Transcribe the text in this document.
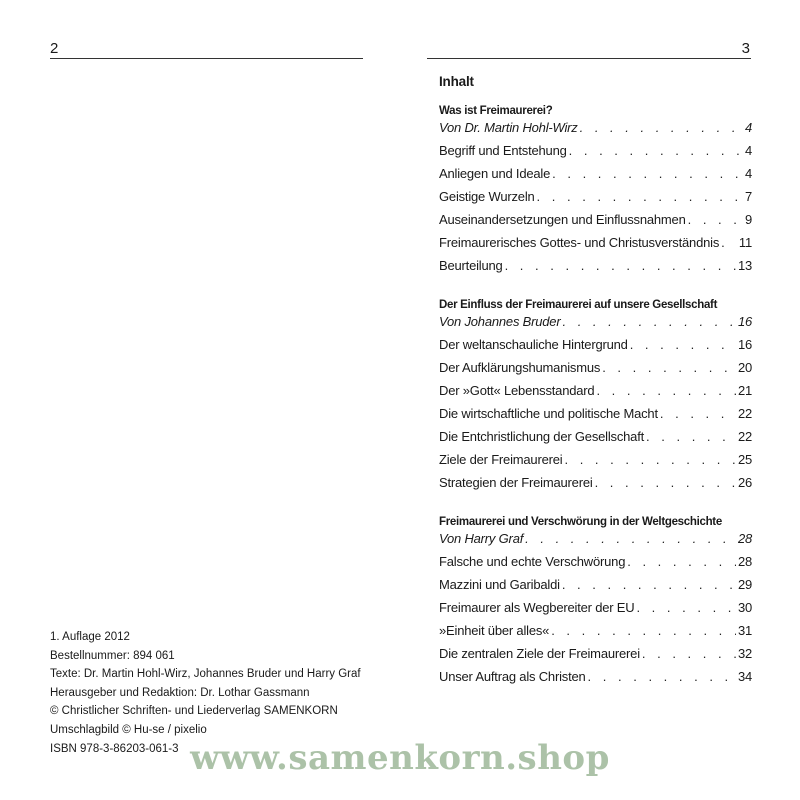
2
1. Auflage 2012
Bestellnummer: 894 061
Texte: Dr. Martin Hohl-Wirz, Johannes Bruder und Harry Graf
Herausgeber und Redaktion: Dr. Lothar Gassmann
© Christlicher Schriften- und Liederverlag SAMENKORN
Umschlagbild © Hu-se / pixelio
ISBN 978-3-86203-061-3
3
Inhalt
Was ist Freimaurerei?
Von Dr. Martin Hohl-Wirz . . .	4
Begriff und Entstehung . . .	4
Anliegen und Ideale . . .	4
Geistige Wurzeln . . .	7
Auseinandersetzungen und Einflussnahmen . . .	9
Freimaurerisches Gottes- und Christusverständnis . . . 11
Beurteilung . . .	13
Der Einfluss der Freimaurerei auf unsere Gesellschaft
Von Johannes Bruder . . .	16
Der weltanschauliche Hintergrund . . .	16
Der Aufklärungshumanismus . . .	20
Der »Gott« Lebensstandard . . .	21
Die wirtschaftliche und politische Macht . . .	22
Die Entchristlichung der Gesellschaft . . .	22
Ziele der Freimaurerei . . .	25
Strategien der Freimaurerei . . .	26
Freimaurerei und Verschwörung in der Weltgeschichte
Von Harry Graf . . .	28
Falsche und echte Verschwörung . . .	28
Mazzini und Garibaldi . . .	29
Freimaurer als Wegbereiter der EU . . .	30
»Einheit über alles« . . .	31
Die zentralen Ziele der Freimaurerei . . .	32
Unser Auftrag als Christen . . .	34
www.samenkorn.shop
